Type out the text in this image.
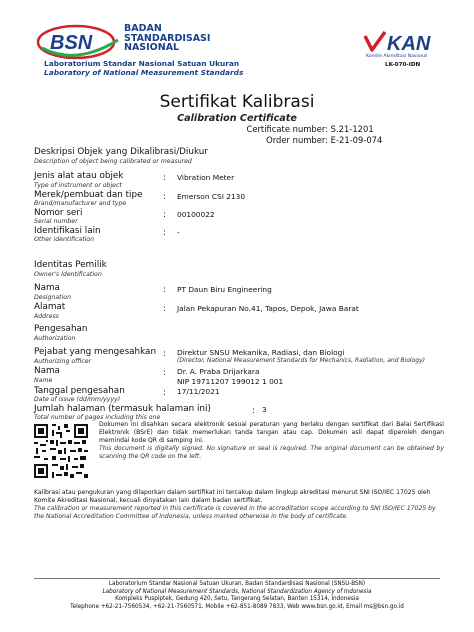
BSN
BADAN
STANDARDISASI
NASIONAL
Laboratorium Standar Nasional Satuan Ukuran
Laboratory of National Measurement Standards
KAN
Komite Akreditasi Nasional
LK-070-IDN
Sertifikat Kalibrasi
Calibration Certificate
Certificate number: S.21-1201
Order number: E-21-09-074
Deskripsi Objek yang Dikalibrasi/Diukur
Description of object being calibrated or measured
Jenis alat atau objek	: Vibration Meter
Type of instrument or object
Merek/pembuat dan tipe : Emerson CSI 2130
Brand/manufacturer and type
Nomor seri	: 00100022
Serial number
Identifikasi lain	: -
Other identification
Identitas Pemilik
Owner's Identification
Nama	: PT Daun Biru Engineering
Designation
Alamat	: Jalan Pekapuran No.41, Tapos, Depok, Jawa Barat
Address
Pengesahan
Authorization
Pejabat yang mengesahkan : Direktur SNSU Mekanika, Radiasi, dan Biologi
Authorizing officer	(Director, National Measurement Standards for Mechanics, Radiation, and Biology)
Nama	: Dr. A. Praba Drijarkara
Name	NIP 19711207 199012 1 001
Tanggal pengesahan	: 17/11/2021
Date of issue (dd/mm/yyyy)
Jumlah halaman (termasuk halaman ini)	: 3
Total number of pages including this one
Dokumen ini disahkan secara elektronik sesuai peraturan yang berlaku dengan sertifikat dari Balai Sertifikasi Elektronik (BSrE) dan tidak memerlukan tanda tangan atau cap. Dokumen asli dapat diperoleh dengan memindai kode QR di samping ini.
This document is digitally signed. No signature or seal is required. The original document can be obtained by scanning the QR code on the left.
Kalibrasi atau pengukuran yang dilaporkan dalam sertifikat ini tercakup dalam lingkup akreditasi menurut SNI ISO/IEC 17025 oleh Komite Akreditasi Nasional, kecuali dinyatakan lain dalam badan sertifikat.
The calibration or measurement reported in this certificate is covered in the accreditation scope according to SNI ISO/IEC 17025 by the National Accreditation Committee of Indonesia, unless marked otherwise in the body of certificate.
Laboratorium Standar Nasional Satuan Ukuran, Badan Standardisasi Nasional (SNSU-BSN)
Laboratory of National Measurement Standards, National Standardization Agency of Indonesia
Kompleks Puspiptek, Gedung 420, Setu, Tangerang Selatan, Banten 15314, Indonesia
Telephone +62-21-7560534, +62-21-7560571, Mobile +62-851-8089 7833, Web www.bsn.go.id, Email ms@bsn.go.id
